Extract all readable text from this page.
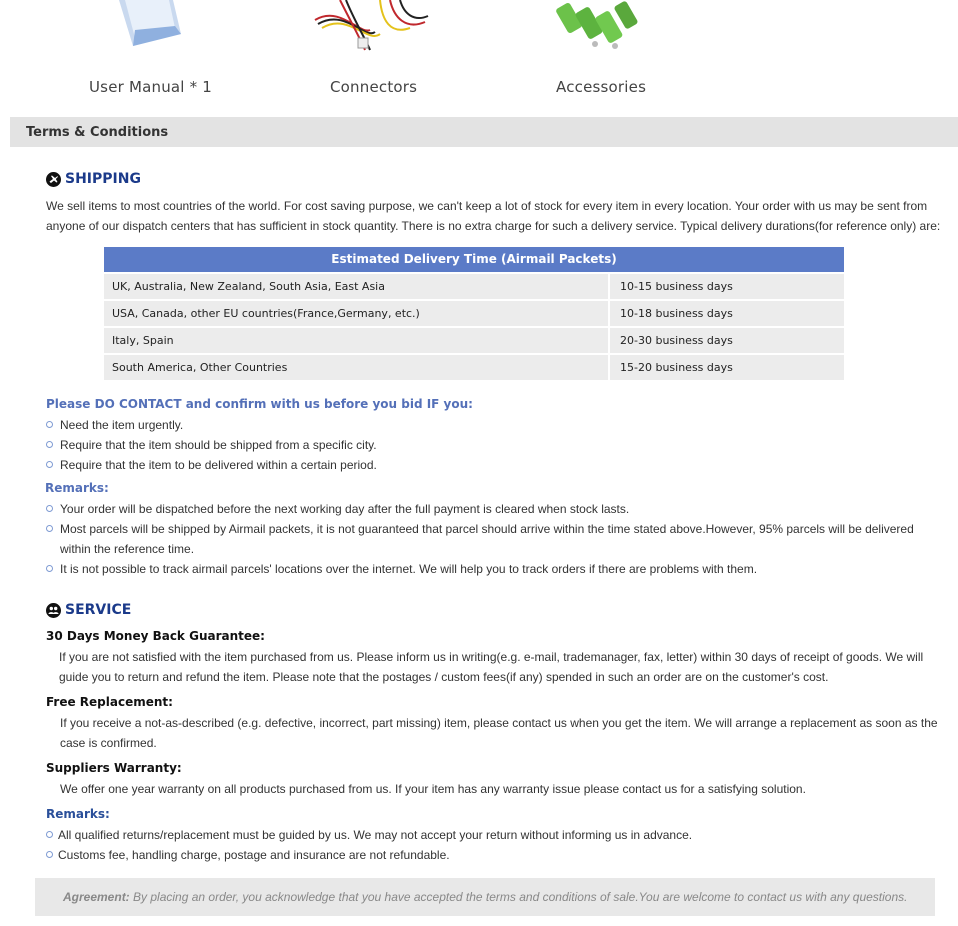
User Manual * 1	Connectors	Accessories
Terms & Conditions
SHIPPING
We sell items to most countries of the world. For cost saving purpose, we can't keep a lot of stock for every item in every location. Your order with us may be sent from anyone of our dispatch centers that has sufficient in stock quantity. There is no extra charge for such a delivery service. Typical delivery durations(for reference only) are:
Estimated Delivery Time (Airmail Packets)
UK, Australia, New Zealand, South Asia, East Asia	10-15 business days
USA, Canada, other EU countries(France,Germany, etc.)	10-18 business days
Italy, Spain	20-30 business days
South America, Other Countries	15-20 business days
Please DO CONTACT and confirm with us before you bid IF you:
Need the item urgently.
Require that the item should be shipped from a specific city.
Require that the item to be delivered within a certain period.
Remarks:
Your order will be dispatched before the next working day after the full payment is cleared when stock lasts.
Most parcels will be shipped by Airmail packets, it is not guaranteed that parcel should arrive within the time stated above.However, 95% parcels will be delivered within the reference time.
It is not possible to track airmail parcels' locations over the internet. We will help you to track orders if there are problems with them.
SERVICE
30 Days Money Back Guarantee:
If you are not satisfied with the item purchased from us. Please inform us in writing(e.g. e-mail, trademanager, fax, letter) within 30 days of receipt of goods. We will guide you to return and refund the item. Please note that the postages / custom fees(if any) spended in such an order are on the customer's cost.
Free Replacement:
If you receive a not-as-described (e.g. defective, incorrect, part missing) item, please contact us when you get the item. We will arrange a replacement as soon as the case is confirmed.
Suppliers Warranty:
We offer one year warranty on all products purchased from us. If your item has any warranty issue please contact us for a satisfying solution.
Remarks:
All qualified returns/replacement must be guided by us. We may not accept your return without informing us in advance.
Customs fee, handling charge, postage and insurance are not refundable.
Agreement: By placing an order, you acknowledge that you have accepted the terms and conditions of sale.You are welcome to contact us with any questions.
